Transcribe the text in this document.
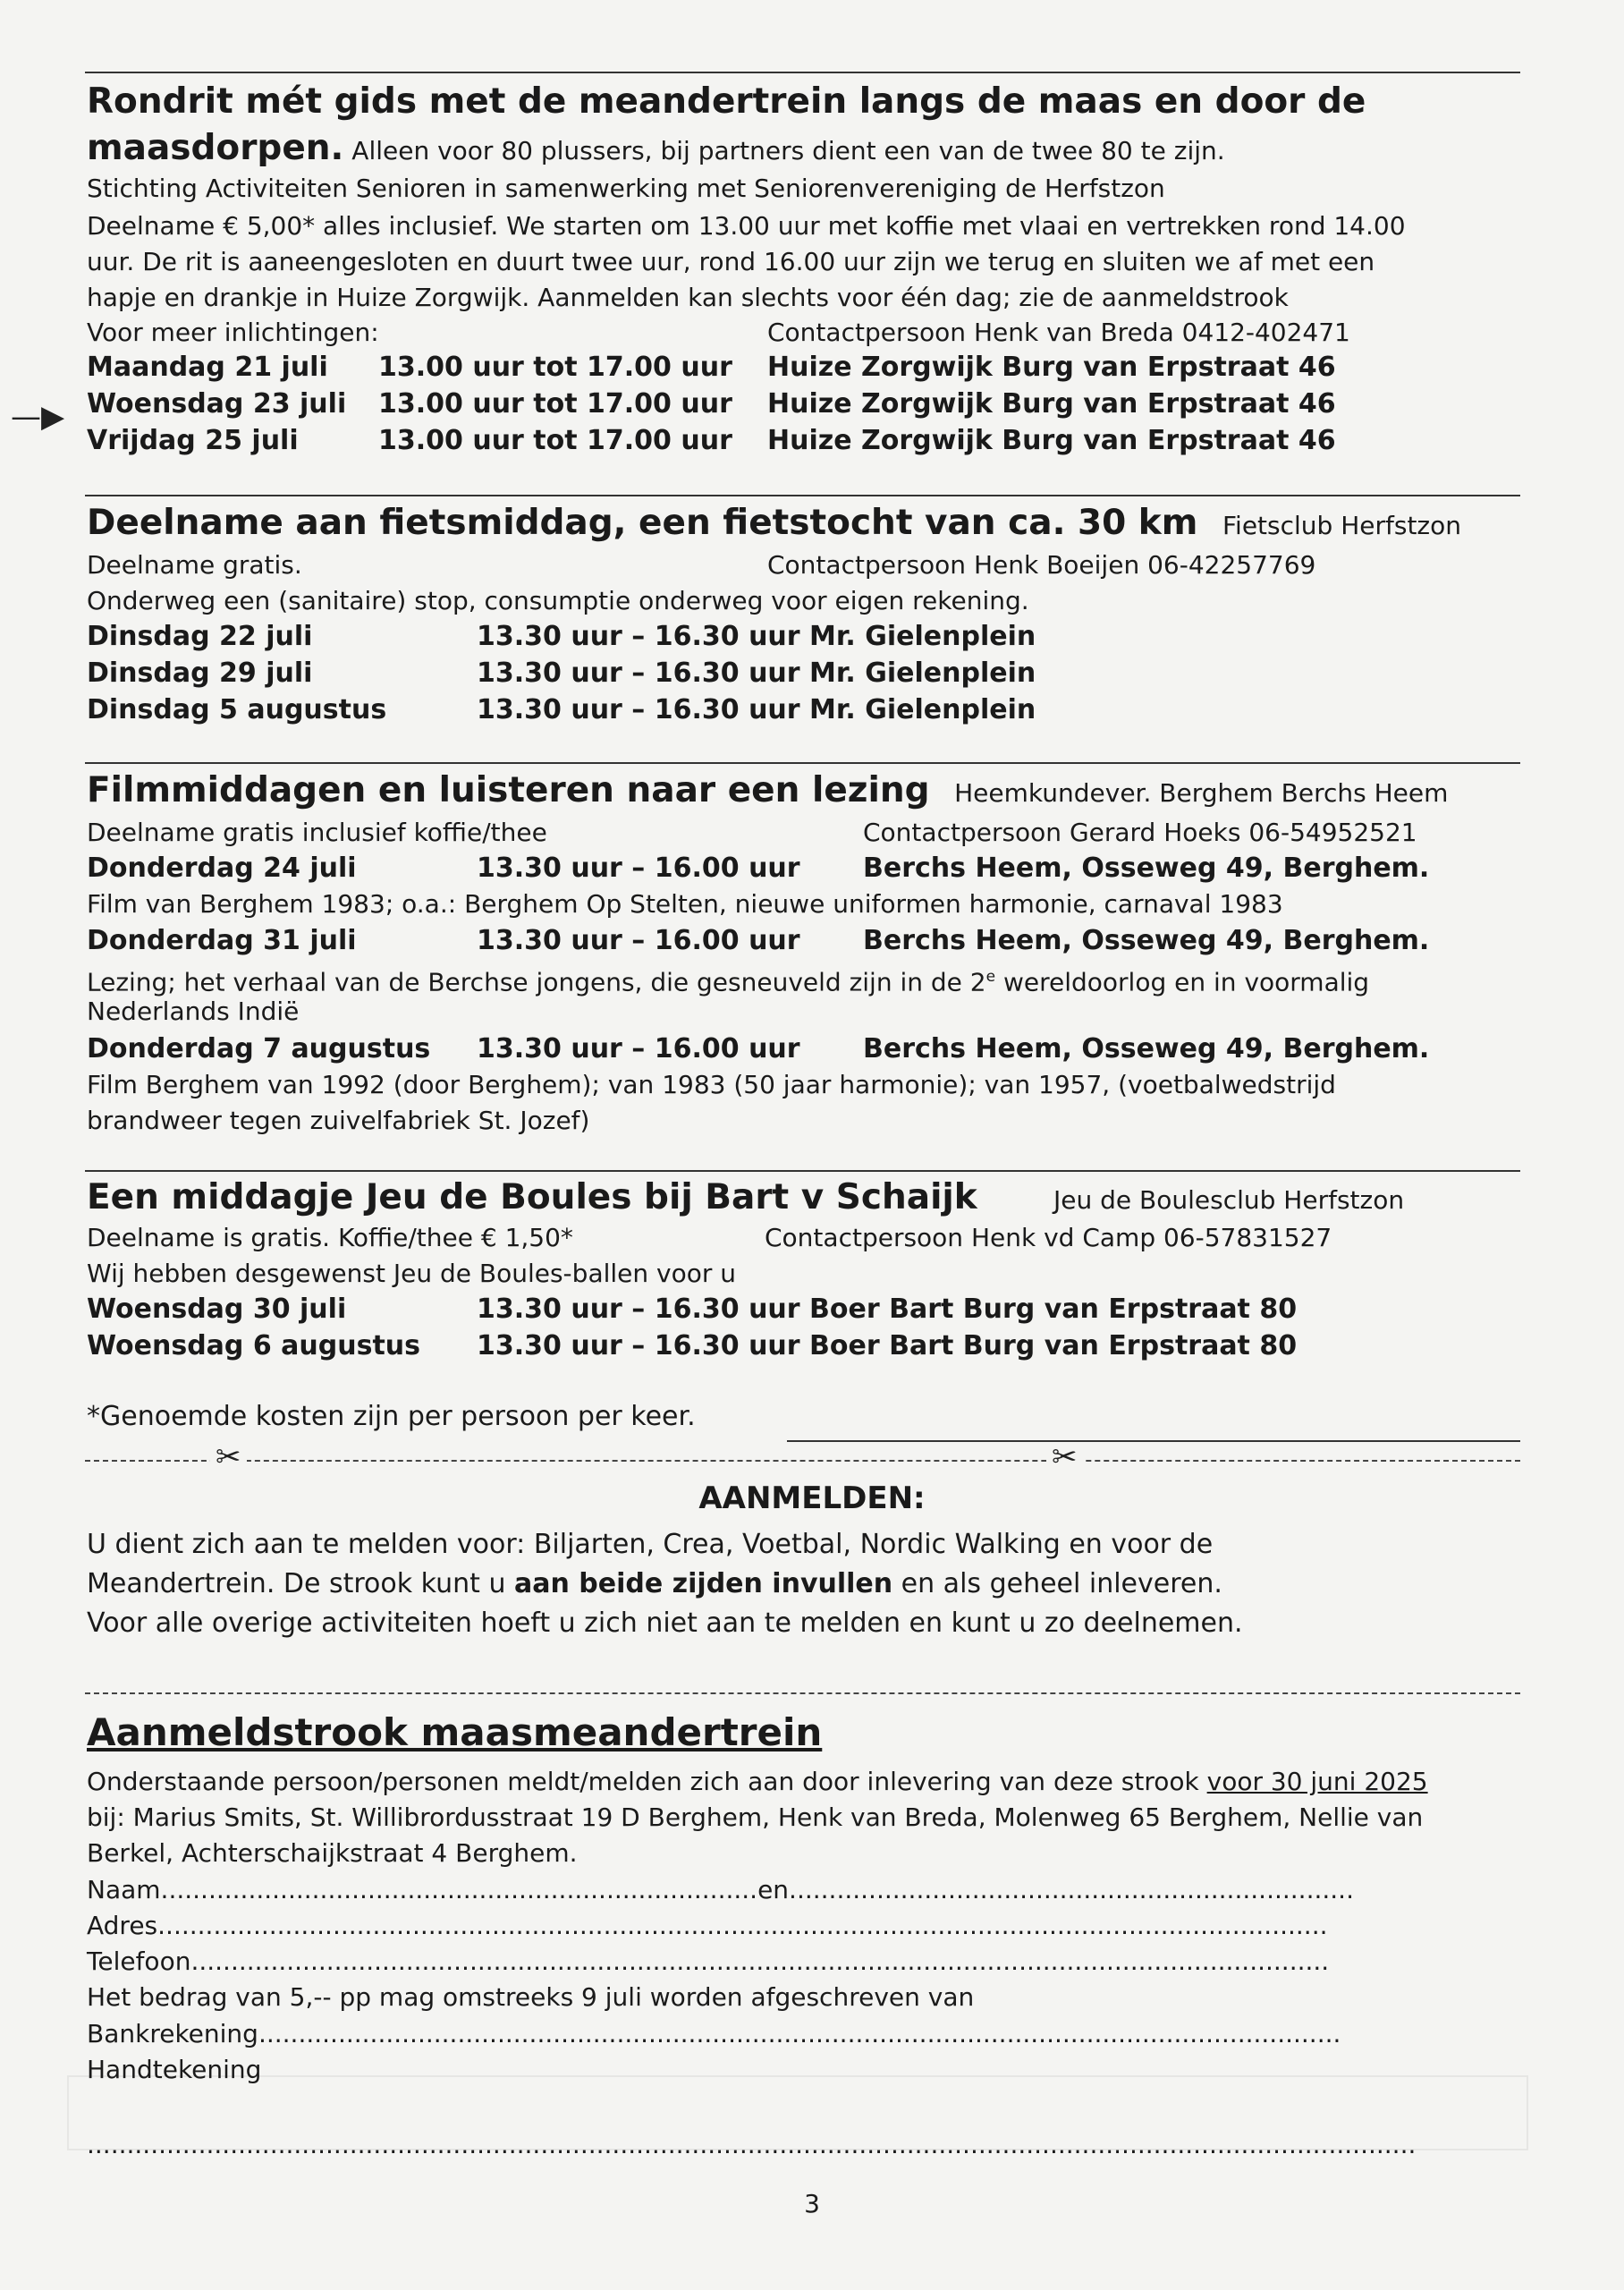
Rondrit mét gids met de meandertrein langs de maas en door de
maasdorpen. Alleen voor 80 plussers, bij partners dient een van de twee 80 te zijn.
Stichting Activiteiten Senioren in samenwerking met Seniorenvereniging de Herfstzon
Deelname € 5,00* alles inclusief. We starten om 13.00 uur met koffie met vlaai en vertrekken rond 14.00
uur. De rit is aaneengesloten en duurt twee uur, rond 16.00 uur zijn we terug en sluiten we af met een
hapje en drankje in Huize Zorgwijk. Aanmelden kan slechts voor één dag; zie de aanmeldstrook
Voor meer inlichtingen:	Contactpersoon Henk van Breda 0412-402471
—▶
Maandag 21 juli 13.00 uur tot 17.00 uur Huize Zorgwijk Burg van Erpstraat 46
Woensdag 23 juli 13.00 uur tot 17.00 uur Huize Zorgwijk Burg van Erpstraat 46
Vrijdag 25 juli	13.00 uur tot 17.00 uur Huize Zorgwijk Burg van Erpstraat 46
Deelname aan fietsmiddag, een fietstocht van ca. 30 km Fietsclub Herfstzon
Deelname gratis.	Contactpersoon Henk Boeijen 06-42257769
Onderweg een (sanitaire) stop, consumptie onderweg voor eigen rekening.
Dinsdag 22 juli	13.30 uur – 16.30 uur Mr. Gielenplein
Dinsdag 29 juli	13.30 uur – 16.30 uur Mr. Gielenplein
Dinsdag 5 augustus	13.30 uur – 16.30 uur Mr. Gielenplein
Filmmiddagen en luisteren naar een lezing Heemkundever. Berghem Berchs Heem
Deelname gratis inclusief koffie/thee	Contactpersoon Gerard Hoeks 06-54952521
Donderdag 24 juli	13.30 uur – 16.00 uur Berchs Heem, Osseweg 49, Berghem.
Film van Berghem 1983; o.a.: Berghem Op Stelten, nieuwe uniformen harmonie, carnaval 1983
Donderdag 31 juli	13.30 uur – 16.00 uur Berchs Heem, Osseweg 49, Berghem.
Lezing; het verhaal van de Berchse jongens, die gesneuveld zijn in de 2e wereldoorlog en in voormalig
Nederlands Indië
Donderdag 7 augustus 13.30 uur – 16.00 uur Berchs Heem, Osseweg 49, Berghem.
Film Berghem van 1992 (door Berghem); van 1983 (50 jaar harmonie); van 1957, (voetbalwedstrijd
brandweer tegen zuivelfabriek St. Jozef)
Een middagje Jeu de Boules bij Bart v Schaijk	Jeu de Boulesclub Herfstzon
Deelname is gratis. Koffie/thee € 1,50*	Contactpersoon Henk vd Camp 06-57831527
Wij hebben desgewenst Jeu de Boules-ballen voor u
Woensdag 30 juli	13.30 uur – 16.30 uur Boer Bart Burg van Erpstraat 80
Woensdag 6 augustus 13.30 uur – 16.30 uur Boer Bart Burg van Erpstraat 80
*Genoemde kosten zijn per persoon per keer.
✂	✂
AANMELDEN:
U dient zich aan te melden voor: Biljarten, Crea, Voetbal, Nordic Walking en voor de
Meandertrein. De strook kunt u aan beide zijden invullen en als geheel inleveren.
Voor alle overige activiteiten hoeft u zich niet aan te melden en kunt u zo deelnemen.
Aanmeldstrook maasmeandertrein
Onderstaande persoon/personen meldt/melden zich aan door inlevering van deze strook voor 30 juni 2025
bij: Marius Smits, St. Willibrordusstraat 19 D Berghem, Henk van Breda, Molenweg 65 Berghem, Nellie van
Berkel, Achterschaijkstraat 4 Berghem.
Naam...........................................................................en.......................................................................
Adres...................................................................................................................................................
Telefoon...............................................................................................................................................
Het bedrag van 5,-- pp mag omstreeks 9 juli worden afgeschreven van
Bankrekening........................................................................................................................................
Handtekening
.......................................................................................................................................................................
3
